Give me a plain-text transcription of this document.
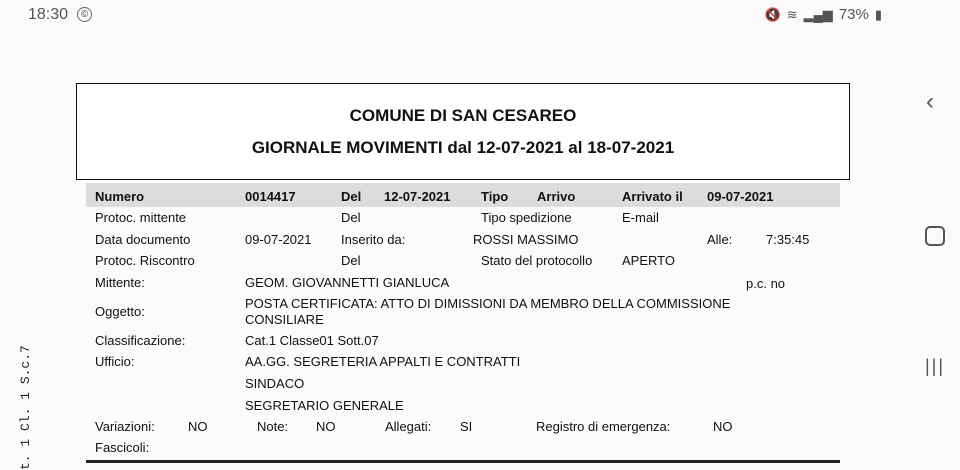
18:30	©	🔇 ≋ ▂▄▆ 73% ▮
‹
|||
t. 1 Cl. 1 S.c.7
COMUNE DI SAN CESAREO
GIORNALE MOVIMENTI dal 12-07-2021 al 18-07-2021
Numero	0014417	Del 12-07-2021 Tipo Arrivo	Arrivato il 09-07-2021
Protoc. mittente	Del	Tipo spedizione	E-mail
Data documento	09-07-2021 Inserito da:	ROSSI MASSIMO	Alle:	7:35:45
Protoc. Riscontro	Del	Stato del protocollo APERTO
Mittente:	GEOM. GIOVANNETTI GIANLUCA	p.c. no
Oggetto:
POSTA CERTIFICATA: ATTO DI DIMISSIONI DA MEMBRO DELLA COMMISSIONE
CONSILIARE
Classificazione:	Cat.1 Classe01 Sott.07
Ufficio:	AA.GG. SEGRETERIA APPALTI E CONTRATTI
SINDACO
SEGRETARIO GENERALE
Variazioni:	NO	Note: NO	Allegati: SI	Registro di emergenza:	NO
Fascicoli:
